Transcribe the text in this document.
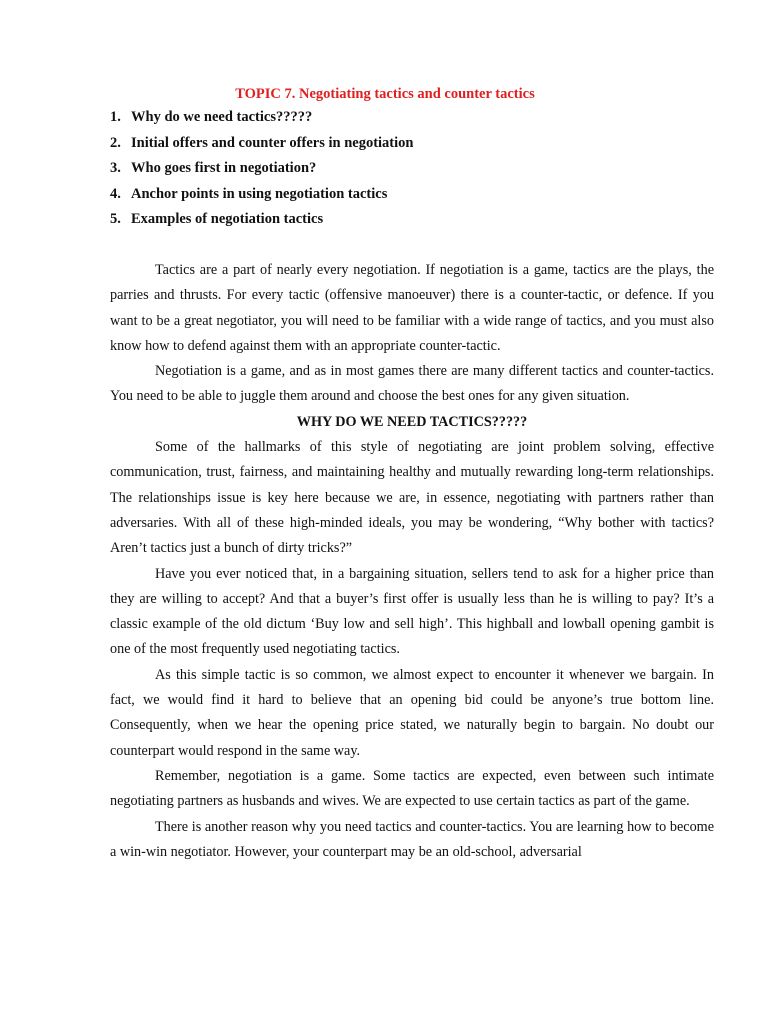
TOPIC 7. Negotiating tactics and counter tactics
1. Why do we need tactics?????
2. Initial offers and counter offers in negotiation
3. Who goes first in negotiation?
4. Anchor points in using negotiation tactics
5. Examples of negotiation tactics

Tactics are a part of nearly every negotiation. If negotiation is a game, tactics are the plays, the parries and thrusts. For every tactic (offensive manoeuver) there is a counter-tactic, or defence. If you want to be a great negotiator, you will need to be familiar with a wide range of tactics, and you must also know how to defend against them with an appropriate counter-tactic.

Negotiation is a game, and as in most games there are many different tactics and counter-tactics. You need to be able to juggle them around and choose the best ones for any given situation.

WHY DO WE NEED TACTICS?????

Some of the hallmarks of this style of negotiating are joint problem solving, effective communication, trust, fairness, and maintaining healthy and mutually rewarding long-term relationships. The relationships issue is key here because we are, in essence, negotiating with partners rather than adversaries. With all of these high-minded ideals, you may be wondering, “Why bother with tactics? Aren’t tactics just a bunch of dirty tricks?”

Have you ever noticed that, in a bargaining situation, sellers tend to ask for a higher price than they are willing to accept? And that a buyer’s first offer is usually less than he is willing to pay? It’s a classic example of the old dictum ‘Buy low and sell high’. This highball and lowball opening gambit is one of the most frequently used negotiating tactics.

As this simple tactic is so common, we almost expect to encounter it whenever we bargain. In fact, we would find it hard to believe that an opening bid could be anyone’s true bottom line. Consequently, when we hear the opening price stated, we naturally begin to bargain. No doubt our counterpart would respond in the same way.

Remember, negotiation is a game. Some tactics are expected, even between such intimate negotiating partners as husbands and wives. We are expected to use certain tactics as part of the game.

There is another reason why you need tactics and counter-tactics. You are learning how to become a win-win negotiator. However, your counterpart may be an old-school, adversarial
